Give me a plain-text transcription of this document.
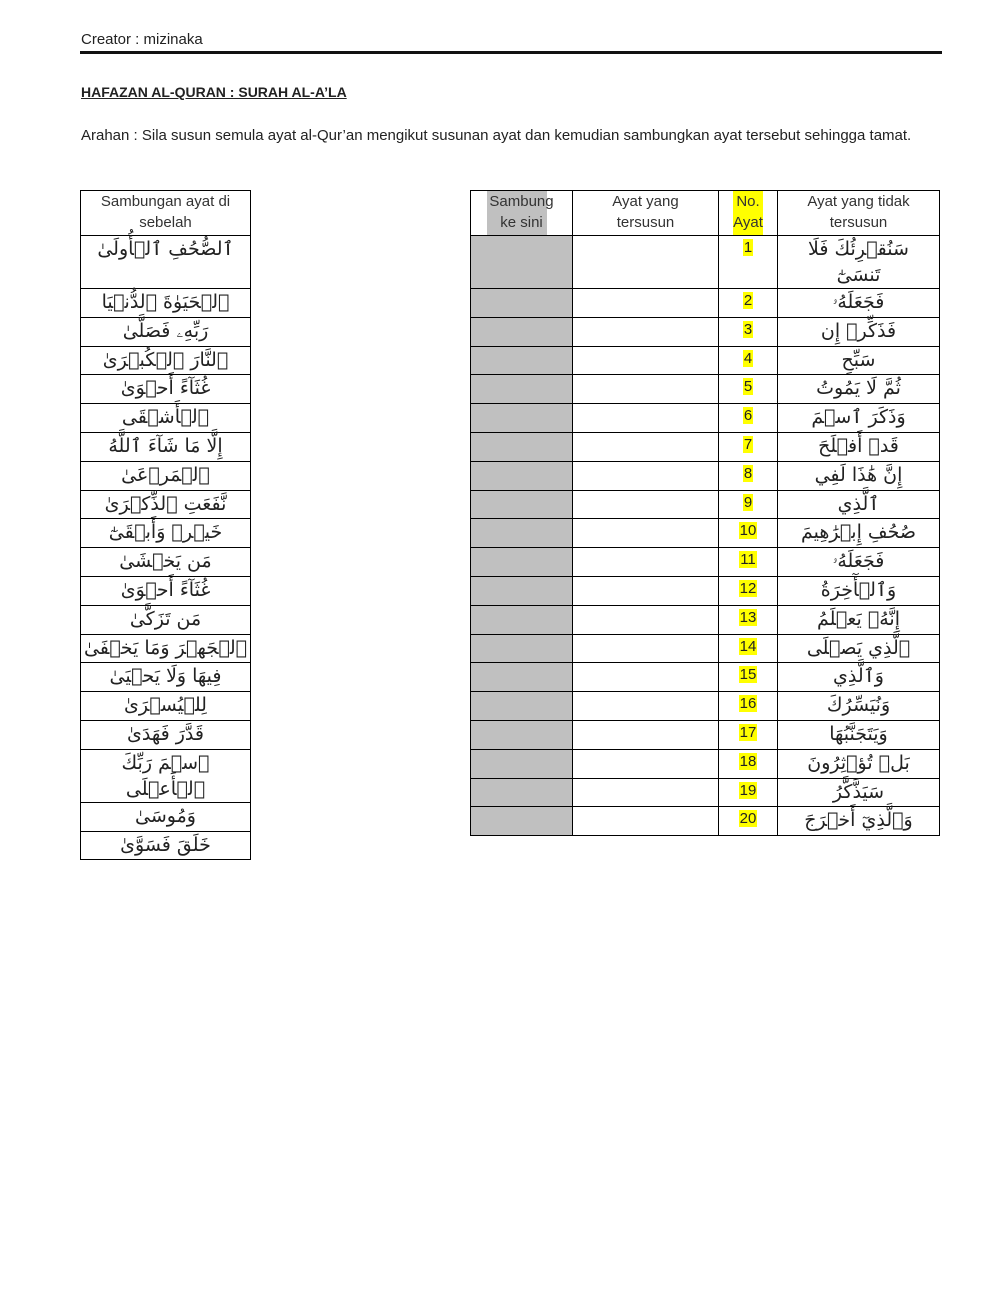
Creator : mizinaka
HAFAZAN AL-QURAN : SURAH AL-A’LA
Arahan : Sila susun semula ayat al-Qur’an mengikut susunan ayat dan kemudian sambungkan ayat tersebut sehingga tamat.
Sambungan ayat di sebelah
ٱلصُّحُفِ ٱلۡأُولَىٰ
ٱلۡحَيَوٰةَ ٱلدُّنۡيَا
رَبِّهِۦ فَصَلَّىٰ
ٱلنَّارَ ٱلۡكُبۡرَىٰ
غُثَآءً أَحۡوَىٰ
ٱلۡأَشۡقَى
إِلَّا مَا شَآءَ ٱللَّهُ
ٱلۡمَرۡعَىٰ
نَّفَعَتِ ٱلذِّكۡرَىٰ
خَيۡرٞ وَأَبۡقَىٰٓ
مَن يَخۡشَىٰ
غُثَآءً أَحۡوَىٰ
مَن تَزَكَّىٰ
ٱلۡجَهۡرَ وَمَا يَخۡفَىٰ
فِيهَا وَلَا يَحۡيَىٰ
لِلۡيُسۡرَىٰ
قَدَّرَ فَهَدَىٰ
ٱسۡمَ رَبِّكَ ٱلۡأَعۡلَى
وَمُوسَىٰ
خَلَقَ فَسَوَّىٰ
Sambung ke sini	Ayat yang tersusun	No. Ayat	Ayat yang tidak tersusun
		1	سَنُقۡرِئُكَ فَلَا تَنسَىٰٓ
		2	فَجَعَلَهُۥ
		3	فَذَكِّرۡ إِن
		4	سَبِّحِ
		5	ثُمَّ لَا يَمُوتُ
		6	وَذَكَرَ ٱسۡمَ
		7	قَدۡ أَفۡلَحَ
		8	إِنَّ هَٰذَا لَفِي
		9	ٱلَّذِي
		10	صُحُفِ إِبۡرَٰهِيمَ
		11	فَجَعَلَهُۥ
		12	وَٱلۡأٓخِرَةُ
		13	إِنَّهُۥ يَعۡلَمُ
		14	ٱلَّذِي يَصۡلَى
		15	وَٱلَّذِي
		16	وَنُيَسِّرُكَ
		17	وَيَتَجَنَّبُهَا
		18	بَلۡ تُؤۡثِرُونَ
		19	سَيَذَّكَّرُ
		20	وَٱلَّذِيٓ أَخۡرَجَ
